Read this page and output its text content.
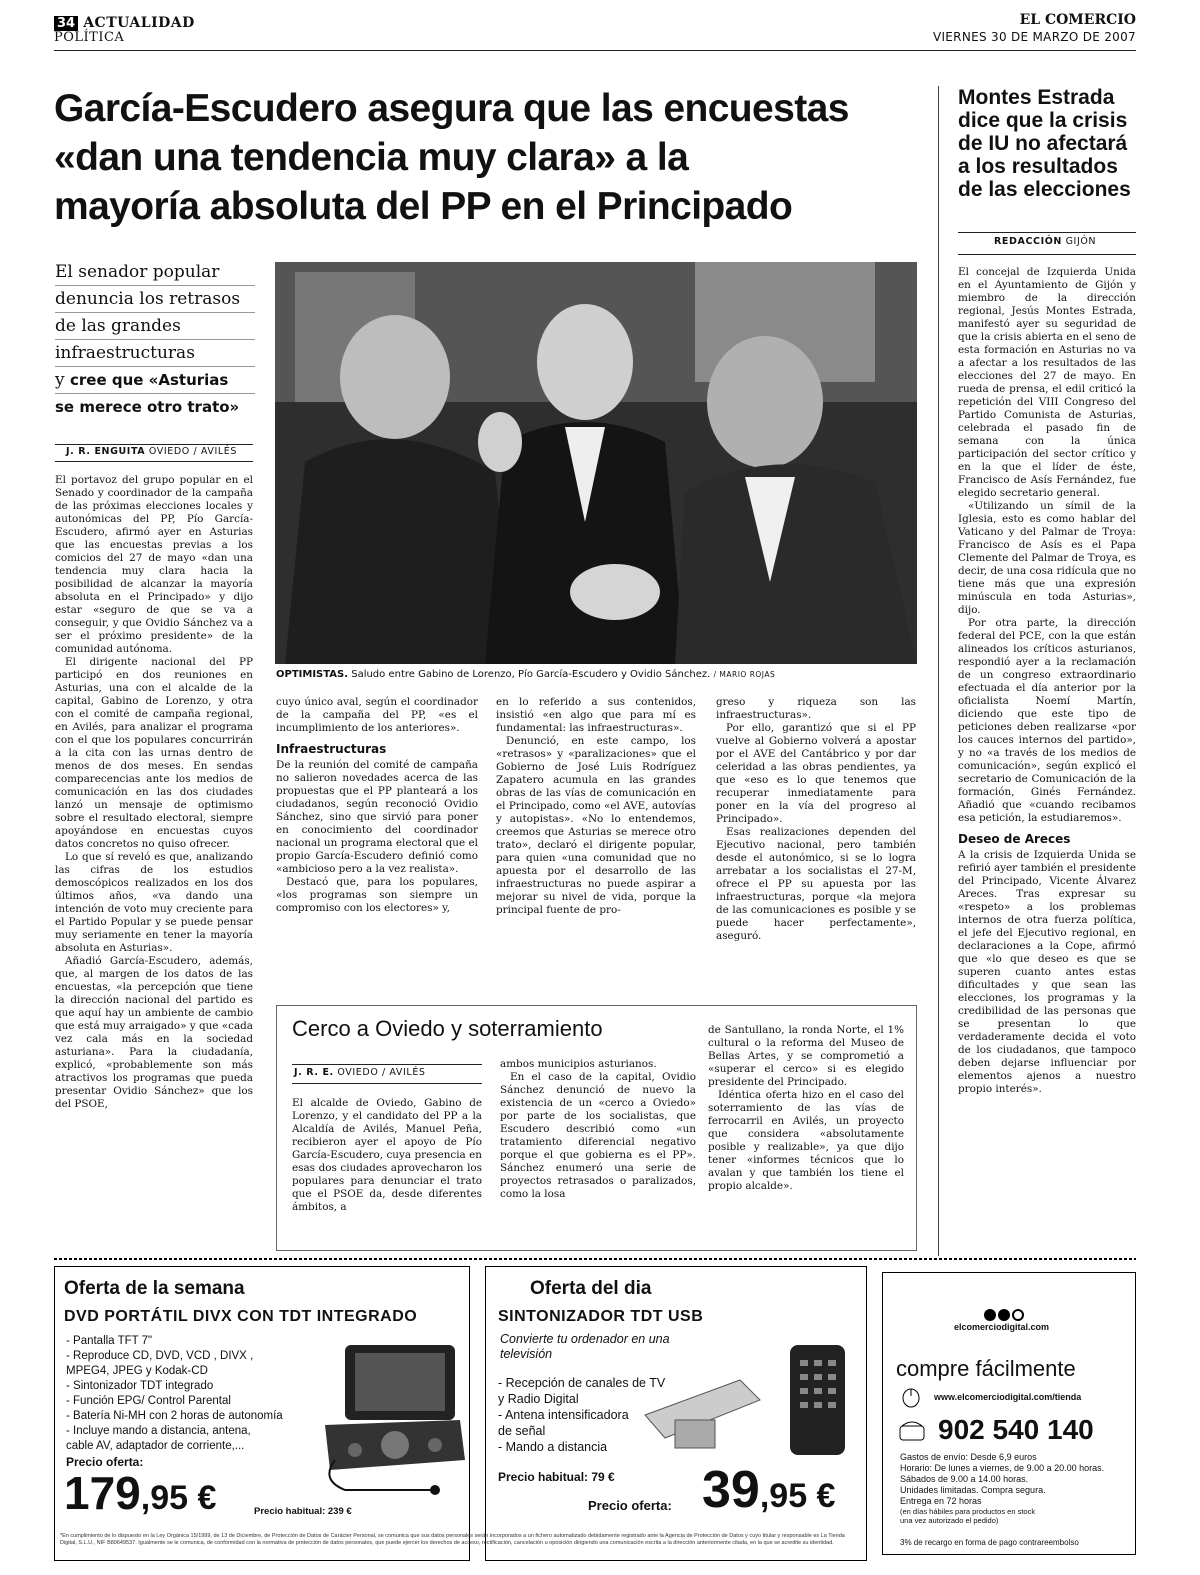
34 ACTUALIDAD
POLÍTICA
EL COMERCIO
VIERNES 30 DE MARZO DE 2007
García-Escudero asegura que las encuestas
«dan una tendencia muy clara» a la
mayoría absoluta del PP en el Principado
El senador popular
denuncia los retrasos
de las grandes
infraestructuras
y cree que «Asturias
se merece otro trato»
J. R. ENGUITA OVIEDO / AVILÉS
OPTIMISTAS. Saludo entre Gabino de Lorenzo, Pío García-Escudero y Ovidio Sánchez. / MARIO ROJAS

El portavoz del grupo popular en el Senado y coordinador de la campaña de las próximas elecciones locales y autonómicas del PP, Pío García-Escudero, afirmó ayer en Asturias que las encuestas previas a los comicios del 27 de mayo «dan una tendencia muy clara hacia la posibilidad de alcanzar la mayoría absoluta en el Principado» y dijo estar «seguro de que se va a conseguir, y que Ovidio Sánchez va a ser el próximo presidente» de la comunidad autónoma.

El dirigente nacional del PP participó en dos reuniones en Asturias, una con el alcalde de la capital, Gabino de Lorenzo, y otra con el comité de campaña regional, en Avilés, para analizar el programa con el que los populares concurrirán a la cita con las urnas dentro de menos de dos meses. En sendas comparecencias ante los medios de comunicación en las dos ciudades lanzó un mensaje de optimismo sobre el resultado electoral, siempre apoyándose en encuestas cuyos datos concretos no quiso ofrecer.

Lo que sí reveló es que, analizando las cifras de los estudios demoscópicos realizados en los dos últimos años, «va dando una intención de voto muy creciente para el Partido Popular y se puede pensar muy seriamente en tener la mayoría absoluta en Asturias».

Añadió García-Escudero, además, que, al margen de los datos de las encuestas, «la percepción que tiene la dirección nacional del partido es que aquí hay un ambiente de cambio que está muy arraigado» y que «cada vez cala más en la sociedad asturiana». Para la ciudadanía, explicó, «probablemente son más atractivos los programas que pueda presentar Ovidio Sánchez» que los del PSOE,

cuyo único aval, según el coordinador de la campaña del PP, «es el incumplimiento de los anteriores».

Infraestructuras

De la reunión del comité de campaña no salieron novedades acerca de las propuestas que el PP planteará a los ciudadanos, según reconoció Ovidio Sánchez, sino que sirvió para poner en conocimiento del coordinador nacional un programa electoral que el propio García-Escudero definió como «ambicioso pero a la vez realista».

Destacó que, para los populares, «los programas son siempre un compromiso con los electores» y,

en lo referido a sus contenidos, insistió «en algo que para mí es fundamental: las infraestructuras».

Denunció, en este campo, los «retrasos» y «paralizaciones» que el Gobierno de José Luis Rodríguez Zapatero acumula en las grandes obras de las vías de comunicación en el Principado, como «el AVE, autovías y autopistas». «No lo entendemos, creemos que Asturias se merece otro trato», declaró el dirigente popular, para quien «una comunidad que no apuesta por el desarrollo de las infraestructuras no puede aspirar a mejorar su nivel de vida, porque la principal fuente de pro-

greso y riqueza son las infraestructuras».

Por ello, garantizó que si el PP vuelve al Gobierno volverá a apostar por el AVE del Cantábrico y por dar celeridad a las obras pendientes, ya que «eso es lo que tenemos que recuperar inmediatamente para poner en la vía del progreso al Principado».

Esas realizaciones dependen del Ejecutivo nacional, pero también desde el autonómico, si se lo logra arrebatar a los socialistas el 27-M, ofrece el PP su apuesta por las infraestructuras, porque «la mejora de las comunicaciones es posible y se puede hacer perfectamente», aseguró.

Cerco a Oviedo y soterramiento
J. R. E. OVIEDO / AVILÉS

El alcalde de Oviedo, Gabino de Lorenzo, y el candidato del PP a la Alcaldía de Avilés, Manuel Peña, recibieron ayer el apoyo de Pío García-Escudero, cuya presencia en esas dos ciudades aprovecharon los populares para denunciar el trato que el PSOE da, desde diferentes ámbitos, a

ambos municipios asturianos.

En el caso de la capital, Ovidio Sánchez denunció de nuevo la existencia de un «cerco a Oviedo» por parte de los socialistas, que Escudero describió como «un tratamiento diferencial negativo porque el que gobierna es el PP». Sánchez enumeró una serie de proyectos retrasados o paralizados, como la losa

de Santullano, la ronda Norte, el 1% cultural o la reforma del Museo de Bellas Artes, y se comprometió a «superar el cerco» si es elegido presidente del Principado.

Idéntica oferta hizo en el caso del soterramiento de las vías de ferrocarril en Avilés, un proyecto que considera «absolutamente posible y realizable», ya que dijo tener «informes técnicos que lo avalan y que también los tiene el propio alcalde».

Montes Estrada
dice que la crisis
de IU no afectará
a los resultados
de las elecciones
REDACCIÓN GIJÓN

El concejal de Izquierda Unida en el Ayuntamiento de Gijón y miembro de la dirección regional, Jesús Montes Estrada, manifestó ayer su seguridad de que la crisis abierta en el seno de esta formación en Asturias no va a afectar a los resultados de las elecciones del 27 de mayo. En rueda de prensa, el edil criticó la repetición del VIII Congreso del Partido Comunista de Asturias, celebrada el pasado fin de semana con la única participación del sector crítico y en la que el líder de éste, Francisco de Asís Fernández, fue elegido secretario general.

«Utilizando un símil de la Iglesia, esto es como hablar del Vaticano y del Palmar de Troya: Francisco de Asís es el Papa Clemente del Palmar de Troya, es decir, de una cosa ridícula que no tiene más que una expresión minúscula en toda Asturias», dijo.

Por otra parte, la dirección federal del PCE, con la que están alineados los críticos asturianos, respondió ayer a la reclamación de un congreso extraordinario efectuada el día anterior por la oficialista Noemí Martín, diciendo que este tipo de peticiones deben realizarse «por los cauces internos del partido», y no «a través de los medios de comunicación», según explicó el secretario de Comunicación de la formación, Ginés Fernández. Añadió que «cuando recibamos esa petición, la estudiaremos».

Deseo de Areces

A la crisis de Izquierda Unida se refirió ayer también el presidente del Principado, Vicente Álvarez Areces. Tras expresar su «respeto» a los problemas internos de otra fuerza política, el jefe del Ejecutivo regional, en declaraciones a la Cope, afirmó que «lo que deseo es que se superen cuanto antes estas dificultades y que sean las elecciones, los programas y la credibilidad de las personas que se presentan lo que verdaderamente decida el voto de los ciudadanos, que tampoco deben dejarse influenciar por elementos ajenos a nuestro propio interés».

Oferta de la semana
DVD PORTÁTIL DIVX CON TDT INTEGRADO
- Pantalla TFT 7"
- Reproduce CD, DVD, VCD , DIVX ,
MPEG4, JPEG y Kodak-CD
- Sintonizador TDT integrado
- Función EPG/ Control Parental
- Batería Ni-MH con 2 horas de autonomía
- Incluye mando a distancia, antena,
cable AV, adaptador de corriente,...
Precio oferta:
179,95 €	Precio habitual: 239 €
Oferta del dia
SINTONIZADOR TDT USB
Convierte tu ordenador en una
televisión
- Recepción de canales de TV
y Radio Digital
- Antena intensificadora
de señal
- Mando a distancia
Precio habitual: 79 €
Precio oferta: 39,95 €
*En cumplimiento de lo dispuesto en la Ley Orgánica 15/1999, de 13 de Diciembre, de Protección de Datos de Carácter Personal, se comunica que sus datos personales serán incorporados a un fichero automatizado debidamente registrado ante la Agencia de Protección de Datos y cuyo titular y responsable es La Tienda Digital, S.L.U., NIF B80649537. Igualmente se le comunica, de conformidad con la normativa de protección de datos personales, que puede ejercer los derechos de acceso, rectificación, cancelación u oposición dirigiendo una comunicación escrita a la dirección anteriormente citada, en la que se acredite su identidad.
elcomerciodigital.com
compre fácilmente
www.elcomerciodigital.com/tienda
902 540 140
Gastos de envío: Desde 6,9 euros
Horario: De lunes a viernes, de 9.00 a 20.00 horas.
Sábados de 9.00 a 14.00 horas.
Unidades limitadas. Compra segura.
Entrega en 72 horas
(en días hábiles para productos en stock
una vez autorizado el pedido)
3% de recargo en forma de pago contrareembolso
